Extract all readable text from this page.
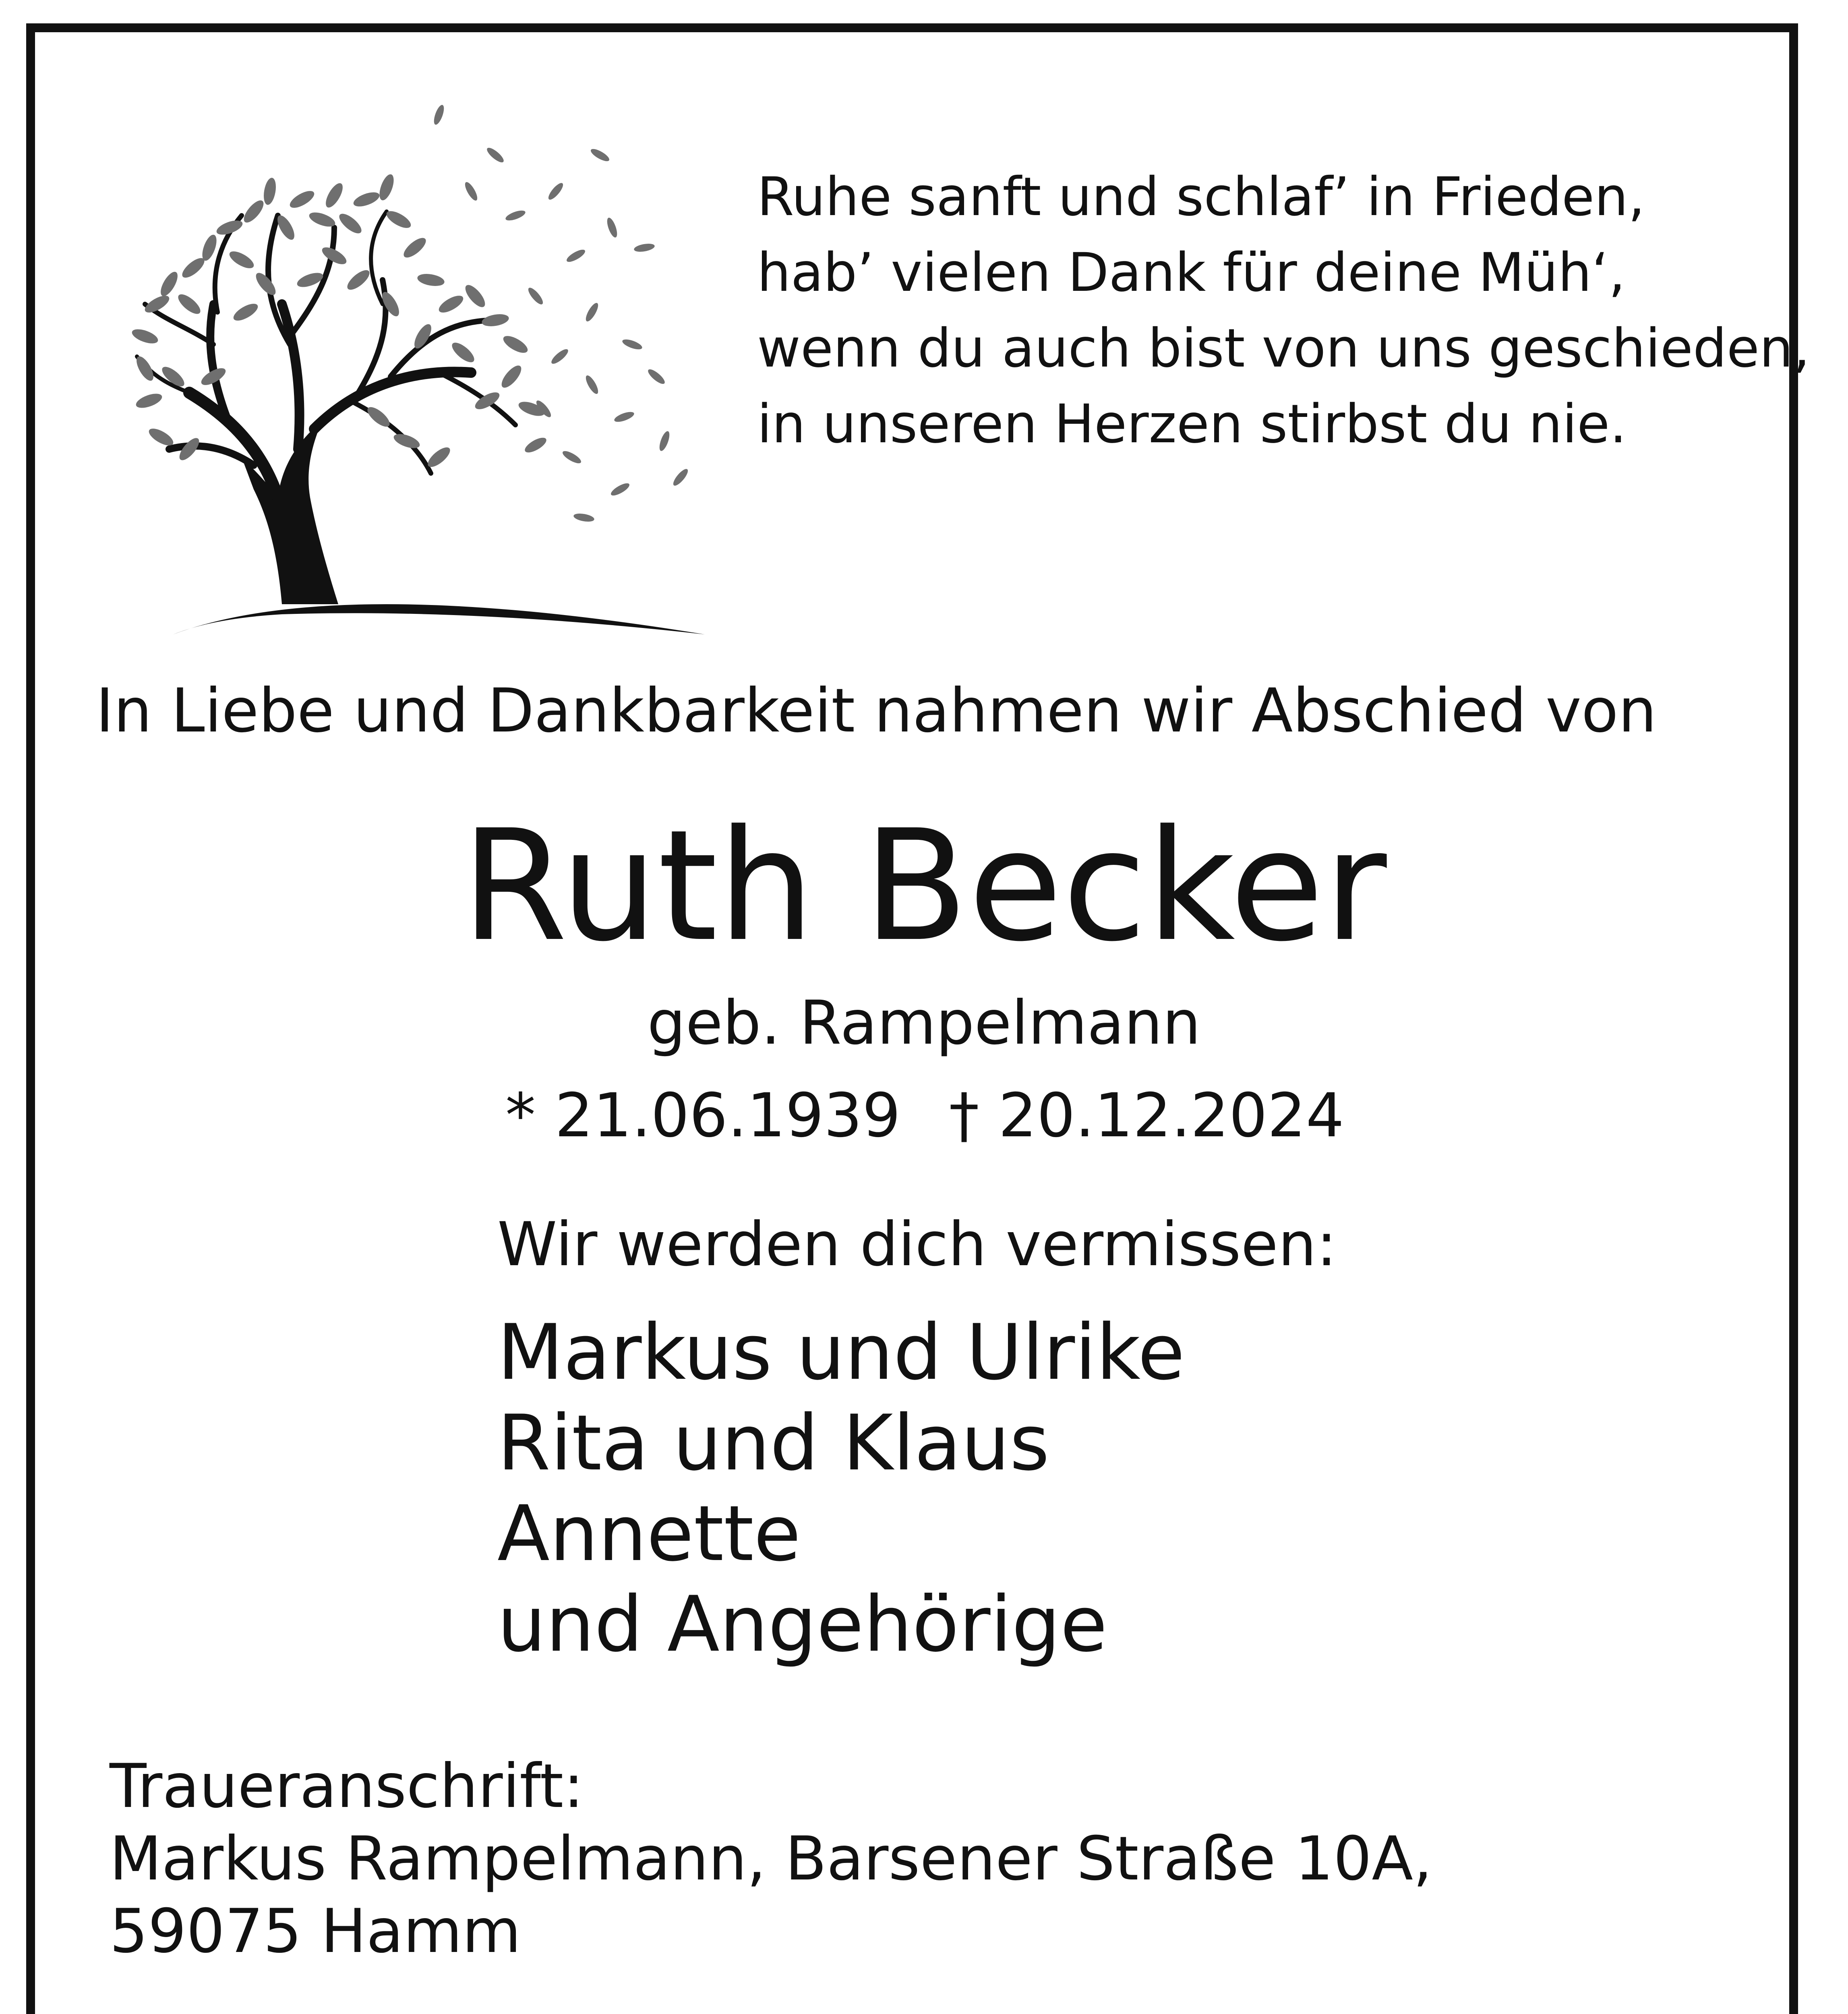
Ruhe sanft und schlaf’ in Frieden,
hab’ vielen Dank für deine Müh‘,
wenn du auch bist von uns geschieden,
in unseren Herzen stirbst du nie.
In Liebe und Dankbarkeit nahmen wir Abschied von
Ruth Becker
geb. Rampelmann
* 21.06.1939 † 20.12.2024
Wir werden dich vermissen:
Markus und Ulrike
Rita und Klaus
Annette
und Angehörige
Traueranschrift:
Markus Rampelmann, Barsener Straße 10A,
59075 Hamm
